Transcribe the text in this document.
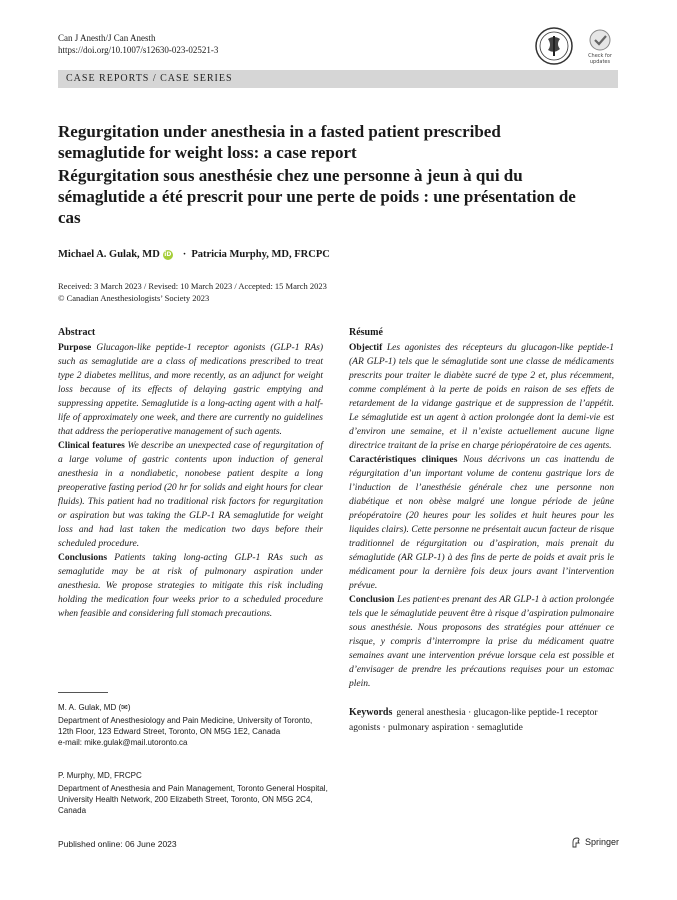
Can J Anesth/J Can Anesth
https://doi.org/10.1007/s12630-023-02521-3
Check for
updates
CASE REPORTS / CASE SERIES
Regurgitation under anesthesia in a fasted patient prescribed semaglutide for weight loss: a case report
Régurgitation sous anesthésie chez une personne à jeun à qui du sémaglutide a été prescrit pour une perte de poids : une présentation de cas
Michael A. Gulak, MD iD · Patricia Murphy, MD, FRCPC
Received: 3 March 2023 / Revised: 10 March 2023 / Accepted: 15 March 2023
© Canadian Anesthesiologists’ Society 2023
Abstract

Purpose Glucagon-like peptide-1 receptor agonists (GLP-1 RAs) such as semaglutide are a class of medications prescribed to treat type 2 diabetes mellitus, and more recently, as an adjunct for weight loss because of its effects of delaying gastric emptying and suppressing appetite. Semaglutide is a long-acting agent with a half-life of approximately one week, and there are currently no guidelines that address the perioperative management of such agents.

Clinical features We describe an unexpected case of regurgitation of a large volume of gastric contents upon induction of general anesthesia in a nondiabetic, nonobese patient despite a long preoperative fasting period (20 hr for solids and eight hours for clear fluids). This patient had no traditional risk factors for regurgitation or aspiration but was taking the GLP-1 RA semaglutide for weight loss and had last taken the medication two days before their scheduled procedure.

Conclusions Patients taking long-acting GLP-1 RAs such as semaglutide may be at risk of pulmonary aspiration under anesthesia. We propose strategies to mitigate this risk including holding the medication four weeks prior to a scheduled procedure when feasible and considering full stomach precautions.

Résumé

Objectif Les agonistes des récepteurs du glucagon-like peptide-1 (AR GLP-1) tels que le sémaglutide sont une classe de médicaments prescrits pour traiter le diabète sucré de type 2 et, plus récemment, comme complément à la perte de poids en raison de ses effets de retardement de la vidange gastrique et de suppression de l’appétit. Le sémaglutide est un agent à action prolongée dont la demi-vie est d’environ une semaine, et il n’existe actuellement aucune ligne directrice traitant de la prise en charge périopératoire de ces agents.

Caractéristiques cliniques Nous décrivons un cas inattendu de régurgitation d’un important volume de contenu gastrique lors de l’induction de l’anesthésie générale chez une personne non diabétique et non obèse malgré une longue période de jeûne préopératoire (20 heures pour les solides et huit heures pour les liquides clairs). Cette personne ne présentait aucun facteur de risque traditionnel de régurgitation ou d’aspiration, mais prenait du sémaglutide (AR GLP-1) à des fins de perte de poids et avait pris le médicament pour la dernière fois deux jours avant l’intervention prévue.

Conclusion Les patient·es prenant des AR GLP-1 à action prolongée tels que le sémaglutide peuvent être à risque d’aspiration pulmonaire sous anesthésie. Nous proposons des stratégies pour atténuer ce risque, y compris d’interrompre la prise du médicament quatre semaines avant une intervention prévue lorsque cela est possible et d’envisager de prendre les précautions requises pour un estomac plein.

Keywords general anesthesia · glucagon-like peptide-1 receptor agonists · pulmonary aspiration · semaglutide
M. A. Gulak, MD (✉)
Department of Anesthesiology and Pain Medicine, University of Toronto, 12th Floor, 123 Edward Street, Toronto, ON M5G 1E2, Canada
e-mail: mike.gulak@mail.utoronto.ca
P. Murphy, MD, FRCPC
Department of Anesthesia and Pain Management, Toronto General Hospital, University Health Network, 200 Elizabeth Street, Toronto, ON M5G 2C4, Canada
Published online: 06 June 2023	Springer
